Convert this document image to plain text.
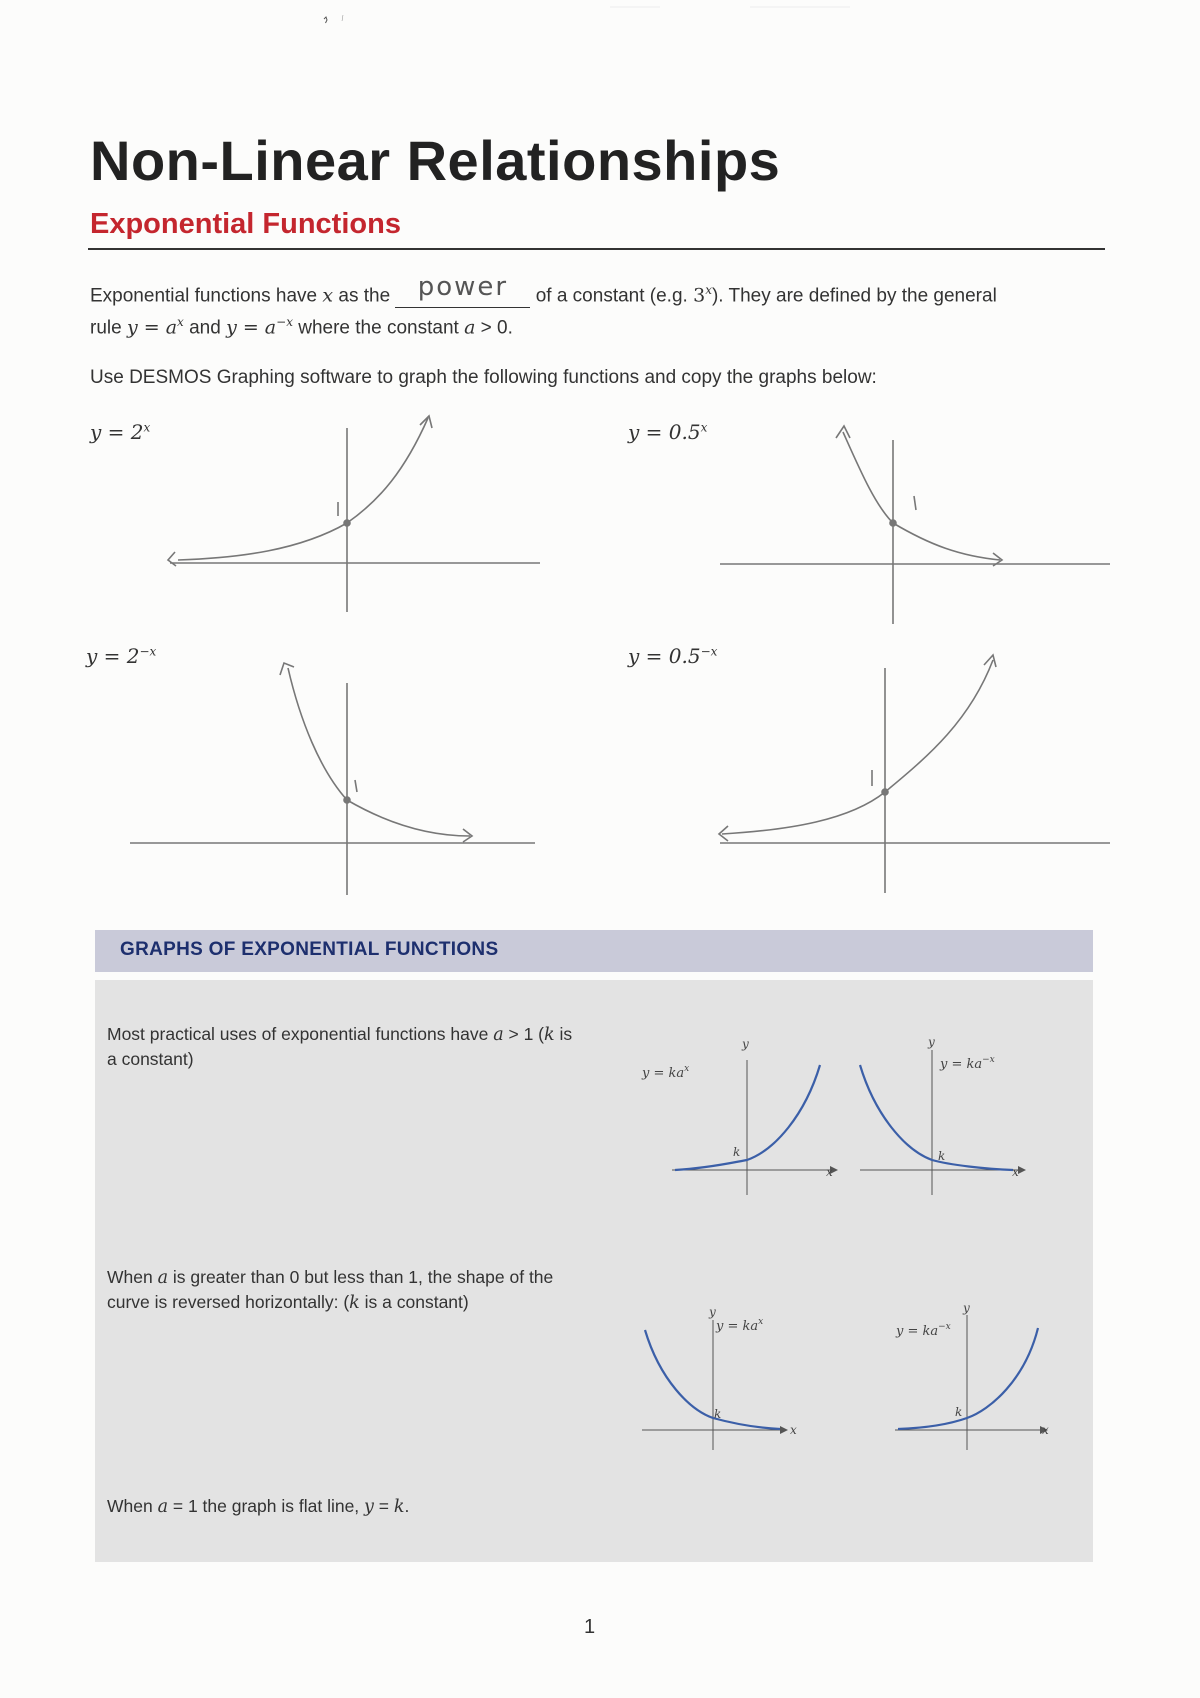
Non-Linear Relationships
Exponential Functions
Exponential functions have x as the power of a constant (e.g. 3$^x$). They are defined by the general
rule $y = a^x$ and $y = a^{-x}$ where the constant a > 0.
Use DESMOS Graphing software to graph the following functions and copy the graphs below:
$y = 2^x$	$y = 0.5^x$
$y = 2^{-x}$	$y = 0.5^{-x}$
GRAPHS OF EXPONENTIAL FUNCTIONS
Most practical uses of exponential functions have a > 1 (k is
a constant)
When a is greater than 0 but less than 1, the shape of the
curve is reversed horizontally: (k is a constant)
When a = 1 the graph is flat line, y = k.
$y = ka^x$
y
x
k
$y = ka^{-x}$
y
x
k
$y = ka^x$
y
x
k
$y = ka^{-x}$
y
x
k
1
